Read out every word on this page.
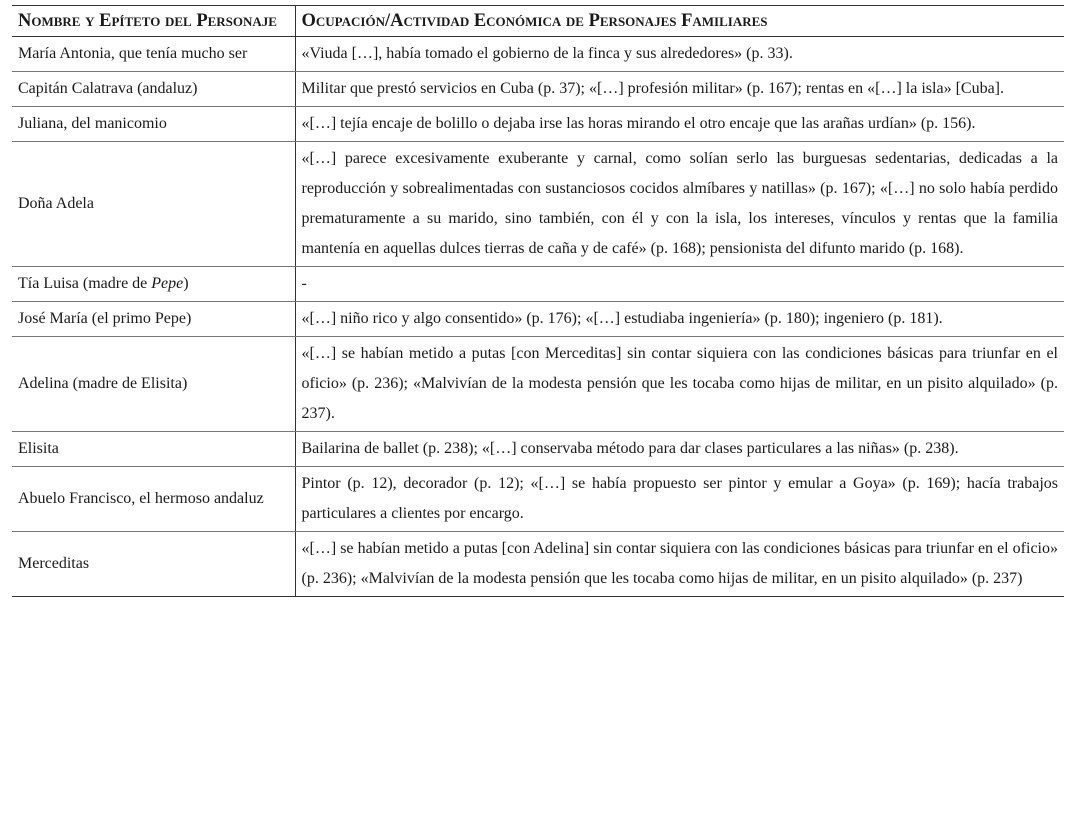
Nombre y Epíteto del Personaje	Ocupación/Actividad Económica de Personajes Familiares
María Antonia, que tenía mucho ser	«Viuda […], había tomado el gobierno de la finca y sus alrededores» (p. 33).
Capitán Calatrava (andaluz)	Militar que prestó servicios en Cuba (p. 37); «[…] profesión militar» (p. 167); rentas en «[…] la isla» [Cuba].
Juliana, del manicomio	«[…] tejía encaje de bolillo o dejaba irse las horas mirando el otro encaje que las arañas urdían» (p. 156).
Doña Adela	«[…] parece excesivamente exuberante y carnal, como solían serlo las burguesas sedentarias, dedicadas a la reproducción y sobrealimentadas con sustanciosos cocidos almíbares y natillas» (p. 167); «[…] no solo había perdido prematuramente a su marido, sino también, con él y con la isla, los intereses, vínculos y rentas que la familia mantenía en aquellas dulces tierras de caña y de café» (p. 168); pensionista del difunto marido (p. 168).
Tía Luisa (madre de Pepe)	-
José María (el primo Pepe)	«[…] niño rico y algo consentido» (p. 176); «[…] estudiaba ingeniería» (p. 180); ingeniero (p. 181).
Adelina (madre de Elisita)	«[…] se habían metido a putas [con Merceditas] sin contar siquiera con las condiciones básicas para triunfar en el oficio» (p. 236); «Malvivían de la modesta pensión que les tocaba como hijas de militar, en un pisito alquilado» (p. 237).
Elisita	Bailarina de ballet (p. 238); «[…] conservaba método para dar clases particulares a las niñas» (p. 238).
Abuelo Francisco, el hermoso andaluz	Pintor (p. 12), decorador (p. 12); «[…] se había propuesto ser pintor y emular a Goya» (p. 169); hacía trabajos particulares a clientes por encargo.
Merceditas	«[…] se habían metido a putas [con Adelina] sin contar siquiera con las condiciones básicas para triunfar en el oficio» (p. 236); «Malvivían de la modesta pensión que les tocaba como hijas de militar, en un pisito alquilado» (p. 237)
